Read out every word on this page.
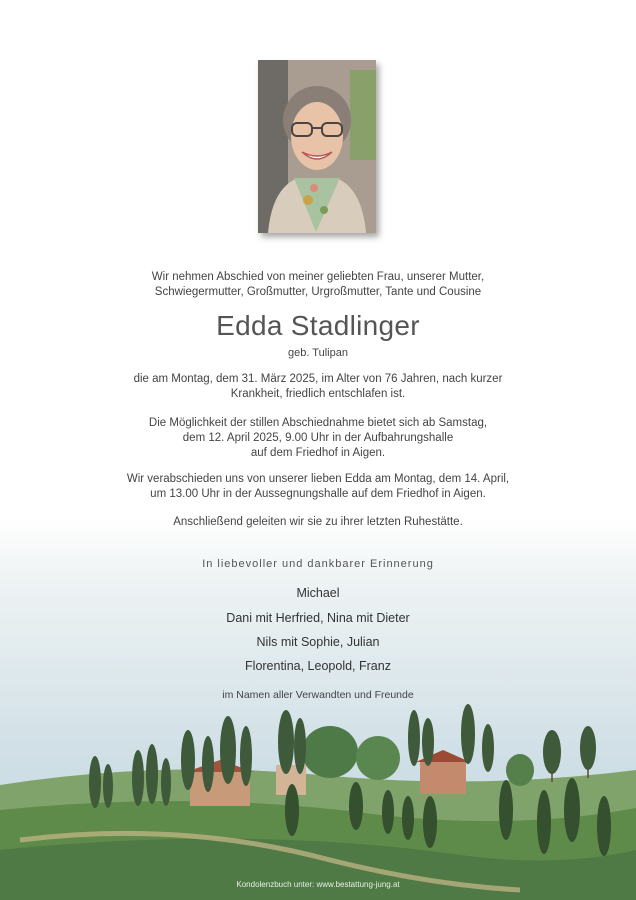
Wir nehmen Abschied von meiner geliebten Frau, unserer Mutter,
Schwiegermutter, Großmutter, Urgroßmutter, Tante und Cousine
Edda Stadlinger
geb. Tulipan
die am Montag, dem 31. März 2025, im Alter von 76 Jahren, nach kurzer
Krankheit, friedlich entschlafen ist.
Die Möglichkeit der stillen Abschiednahme bietet sich ab Samstag,
dem 12. April 2025, 9.00 Uhr in der Aufbahrungshalle
auf dem Friedhof in Aigen.
Wir verabschieden uns von unserer lieben Edda am Montag, dem 14. April,
um 13.00 Uhr in der Aussegnungshalle auf dem Friedhof in Aigen.
Anschließend geleiten wir sie zu ihrer letzten Ruhestätte.
In liebevoller und dankbarer Erinnerung
Michael
Dani mit Herfried, Nina mit Dieter
Nils mit Sophie, Julian
Florentina, Leopold, Franz
im Namen aller Verwandten und Freunde
Kondolenzbuch unter: www.bestattung-jung.at
